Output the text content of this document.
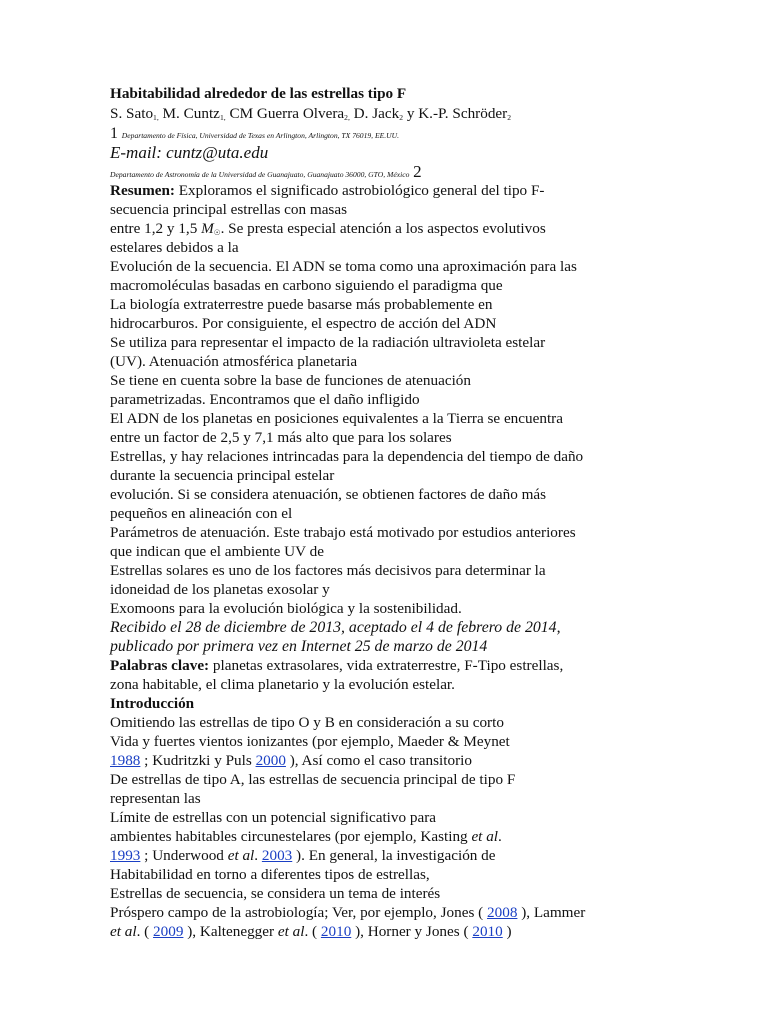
Habitabilidad alrededor de las estrellas tipo F
S. Sato$_{1,}$ M. Cuntz$_{1,}$ CM Guerra Olvera$_{2,}$ D. Jack$_2$ y K.-P. Schröder$_2$
1 Departamento de Física, Universidad de Texas en Arlington, Arlington, TX 76019, EE.UU.
E-mail: cuntz@uta.edu
Departamento de Astronomía de la Universidad de Guanajuato, Guanajuato 36000, GTO, México 2
Resumen: Exploramos el significado astrobiológico general del tipo F-
secuencia principal estrellas con masas
entre 1,2 y 1,5 $M_☉$. Se presta especial atención a los aspectos evolutivos
estelares debidos a la
Evolución de la secuencia. El ADN se toma como una aproximación para las
macromoléculas basadas en carbono siguiendo el paradigma que
La biología extraterrestre puede basarse más probablemente en
hidrocarburos. Por consiguiente, el espectro de acción del ADN
Se utiliza para representar el impacto de la radiación ultravioleta estelar
(UV). Atenuación atmosférica planetaria
Se tiene en cuenta sobre la base de funciones de atenuación
parametrizadas. Encontramos que el daño infligido
El ADN de los planetas en posiciones equivalentes a la Tierra se encuentra
entre un factor de 2,5 y 7,1 más alto que para los solares
Estrellas, y hay relaciones intrincadas para la dependencia del tiempo de daño
durante la secuencia principal estelar
evolución. Si se considera atenuación, se obtienen factores de daño más
pequeños en alineación con el
Parámetros de atenuación. Este trabajo está motivado por estudios anteriores
que indican que el ambiente UV de
Estrellas solares es uno de los factores más decisivos para determinar la
idoneidad de los planetas exosolar y
Exomoons para la evolución biológica y la sostenibilidad.
Recibido el 28 de diciembre de 2013, aceptado el 4 de febrero de 2014,
publicado por primera vez en Internet 25 de marzo de 2014
Palabras clave: planetas extrasolares, vida extraterrestre, F-Tipo estrellas,
zona habitable, el clima planetario y la evolución estelar.
Introducción
Omitiendo las estrellas de tipo O y B en consideración a su corto
Vida y fuertes vientos ionizantes (por ejemplo, Maeder & Meynet
1988 ; Kudritzki y Puls 2000 ), Así como el caso transitorio
De estrellas de tipo A, las estrellas de secuencia principal de tipo F
representan las
Límite de estrellas con un potencial significativo para
ambientes habitables circunestelares (por ejemplo, Kasting et al.
1993 ; Underwood et al. 2003 ). En general, la investigación de
Habitabilidad en torno a diferentes tipos de estrellas,
Estrellas de secuencia, se considera un tema de interés
Próspero campo de la astrobiología; Ver, por ejemplo, Jones ( 2008 ), Lammer
et al. ( 2009 ), Kaltenegger et al. ( 2010 ), Horner y Jones ( 2010 )
